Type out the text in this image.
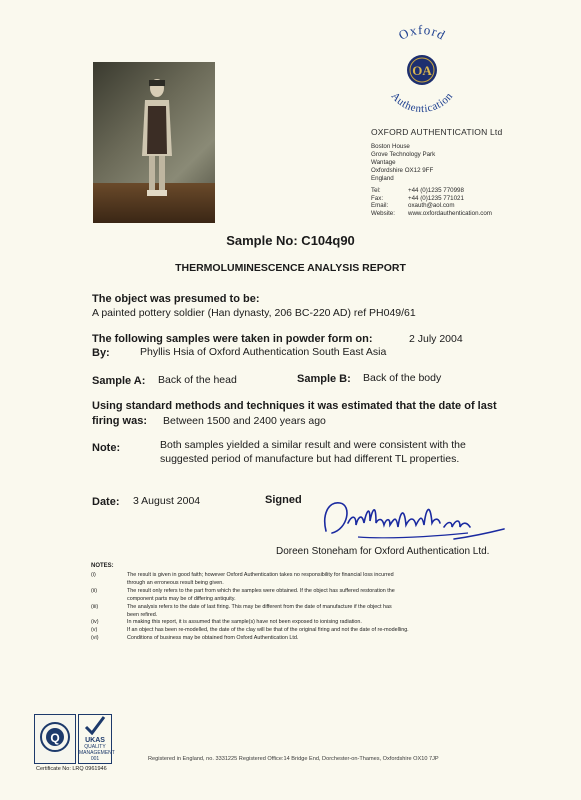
Oxford
Authentication
OA
OXFORD AUTHENTICATION Ltd
Boston House
Grove Technology Park
Wantage
Oxfordshire OX12 9FF
England
Tel:	+44 (0)1235 770998
Fax:	+44 (0)1235 771021
Email:	oxauth@aol.com
Website:	www.oxfordauthentication.com
Sample No: C104q90
THERMOLUMINESCENCE ANALYSIS REPORT
The object was presumed to be:
A painted pottery soldier (Han dynasty, 206 BC-220 AD) ref PH049/61
The following samples were taken in powder form on:	2 July 2004
By:	Phyllis Hsia of Oxford Authentication South East Asia
Sample A: Back of the head	Sample B: Back of the body
Using standard methods and techniques it was estimated that the date of last
firing was: Between 1500 and 2400 years ago
Note:	Both samples yielded a similar result and were consistent with the
suggested period of manufacture but had different TL properties.
Date: 3 August 2004	Signed
Doreen Stoneham for Oxford Authentication Ltd.
NOTES:
(i)	The result is given in good faith; however Oxford Authentication takes no responsibility for financial loss incurred
through an erroneous result being given.
(ii)	The result only refers to the part from which the samples were obtained. If the object has suffered restoration the
component parts may be of differing antiquity.
(iii)	The analysis refers to the date of last firing. This may be different from the date of manufacture if the object has
been refired.
(iv)	In making this report, it is assumed that the sample(s) have not been exposed to ionising radiation.
(v)	If an object has been re-modelled, the date of the clay will be that of the original firing and not the date of re-modelling.
(vi)	Conditions of business may be obtained from Oxford Authentication Ltd.
Q	UKAS
QUALITY MANAGEMENT
001
Certificate No: LRQ 0961946
Registered in England, no. 3331225 Registered Office:14 Bridge End, Dorchester-on-Thames, Oxfordshire OX10 7JP
